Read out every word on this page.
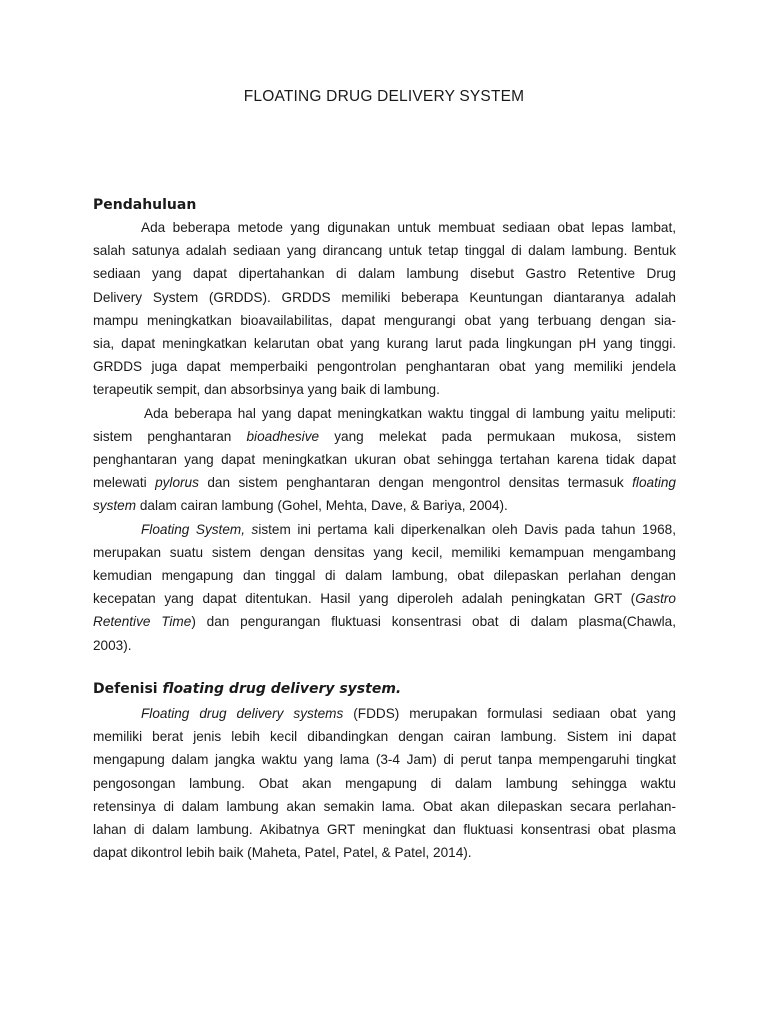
FLOATING DRUG DELIVERY SYSTEM
Pendahuluan

Ada beberapa metode yang digunakan untuk membuat sediaan obat lepas lambat,
salah satunya adalah sediaan yang dirancang untuk tetap tinggal di dalam lambung. Bentuk
sediaan yang dapat dipertahankan di dalam lambung disebut Gastro Retentive Drug
Delivery System (GRDDS). GRDDS memiliki beberapa Keuntungan diantaranya adalah
mampu meningkatkan bioavailabilitas, dapat mengurangi obat yang terbuang dengan sia-
sia, dapat meningkatkan kelarutan obat yang kurang larut pada lingkungan pH yang tinggi.
GRDDS juga dapat memperbaiki pengontrolan penghantaran obat yang memiliki jendela
terapeutik sempit, dan absorbsinya yang baik di lambung.

Ada beberapa hal yang dapat meningkatkan waktu tinggal di lambung yaitu meliputi:
sistem penghantaran bioadhesive yang melekat pada permukaan mukosa, sistem
penghantaran yang dapat meningkatkan ukuran obat sehingga tertahan karena tidak dapat
melewati pylorus dan sistem penghantaran dengan mengontrol densitas termasuk floating
system dalam cairan lambung (Gohel, Mehta, Dave, & Bariya, 2004).

Floating System, sistem ini pertama kali diperkenalkan oleh Davis pada tahun 1968,
merupakan suatu sistem dengan densitas yang kecil, memiliki kemampuan mengambang
kemudian mengapung dan tinggal di dalam lambung, obat dilepaskan perlahan dengan
kecepatan yang dapat ditentukan. Hasil yang diperoleh adalah peningkatan GRT (Gastro
Retentive Time) dan pengurangan fluktuasi konsentrasi obat di dalam plasma(Chawla,
2003).

Defenisi floating drug delivery system.

Floating drug delivery systems (FDDS) merupakan formulasi sediaan obat yang
memiliki berat jenis lebih kecil dibandingkan dengan cairan lambung. Sistem ini dapat
mengapung dalam jangka waktu yang lama (3-4 Jam) di perut tanpa mempengaruhi tingkat
pengosongan lambung. Obat akan mengapung di dalam lambung sehingga waktu
retensinya di dalam lambung akan semakin lama. Obat akan dilepaskan secara perlahan-
lahan di dalam lambung. Akibatnya GRT meningkat dan fluktuasi konsentrasi obat plasma
dapat dikontrol lebih baik (Maheta, Patel, Patel, & Patel, 2014).
